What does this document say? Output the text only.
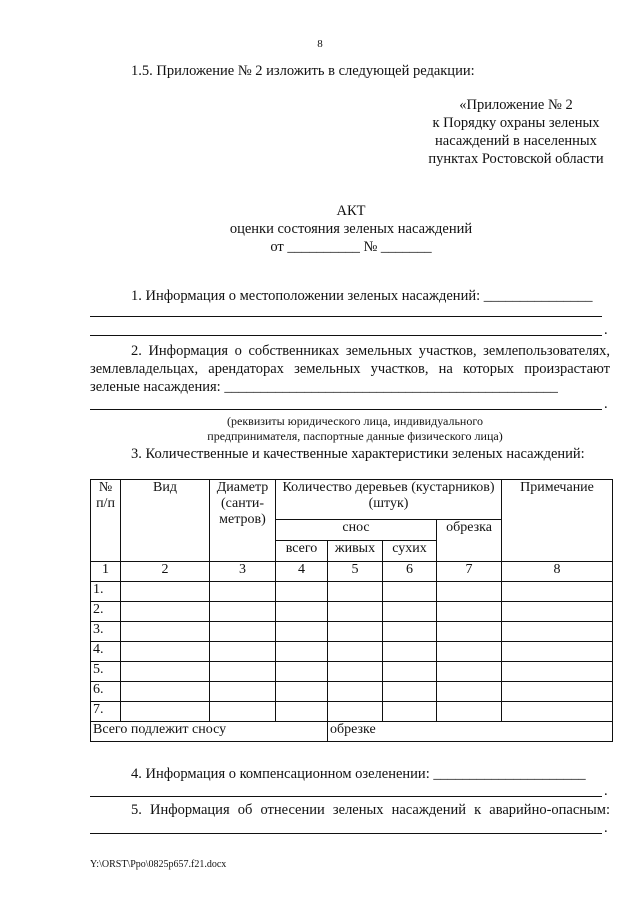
8
1.5. Приложение № 2 изложить в следующей редакции:
«Приложение № 2
к Порядку охраны зеленых
насаждений в населенных
пунктах Ростовской области
АКТ
оценки состояния зеленых насаждений
от __________ № _______
1. Информация о местоположении зеленых насаждений: _______________
.
2. Информация о собственниках земельных участков, землепользователях,
землевладельцах, арендаторах земельных участков, на которых произрастают
зеленые насаждения: ______________________________________________
.
(реквизиты юридического лица, индивидуального
предпринимателя, паспортные данные физического лица)
3. Количественные и качественные характеристики зеленых насаждений:
№ п/п	Вид	Диаметр (санти-метров)	Количество деревьев (кустарников) (штук)				Примечание
			снос			обрезка	
			всего	живых	сухих		
1	2	3	4	5	6	7	8
1.							
2.							
3.							
4.							
5.							
6.							
7.							
Всего подлежит сносу				обрезке			
4. Информация о компенсационном озеленении: _____________________
.
5. Информация об отнесении зеленых насаждений к аварийно-опасным:
.
Y:\ORST\Ppo\0825p657.f21.docx
